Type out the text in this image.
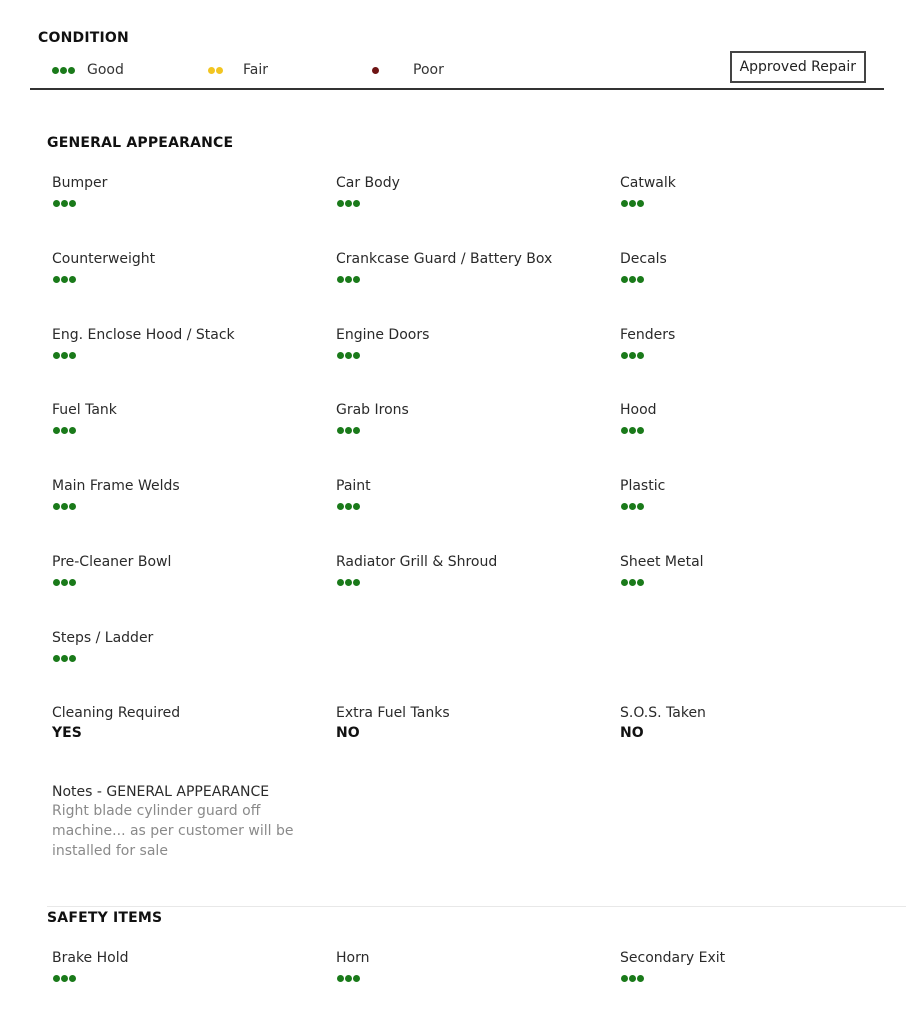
CONDITION
Good	Fair	Poor	Approved Repair
GENERAL APPEARANCE
Bumper	Car Body	Catwalk
Counterweight	Crankcase Guard / Battery Box	Decals
Eng. Enclose Hood / Stack	Engine Doors	Fenders
Fuel Tank	Grab Irons	Hood
Main Frame Welds	Paint	Plastic
Pre-Cleaner Bowl	Radiator Grill & Shroud	Sheet Metal
Steps / Ladder
Cleaning Required
YES
Extra Fuel Tanks
NO
S.O.S. Taken
NO
Notes - GENERAL APPEARANCE
Right blade cylinder guard off
machine... as per customer will be
installed for sale
SAFETY ITEMS
Brake Hold	Horn	Secondary Exit
